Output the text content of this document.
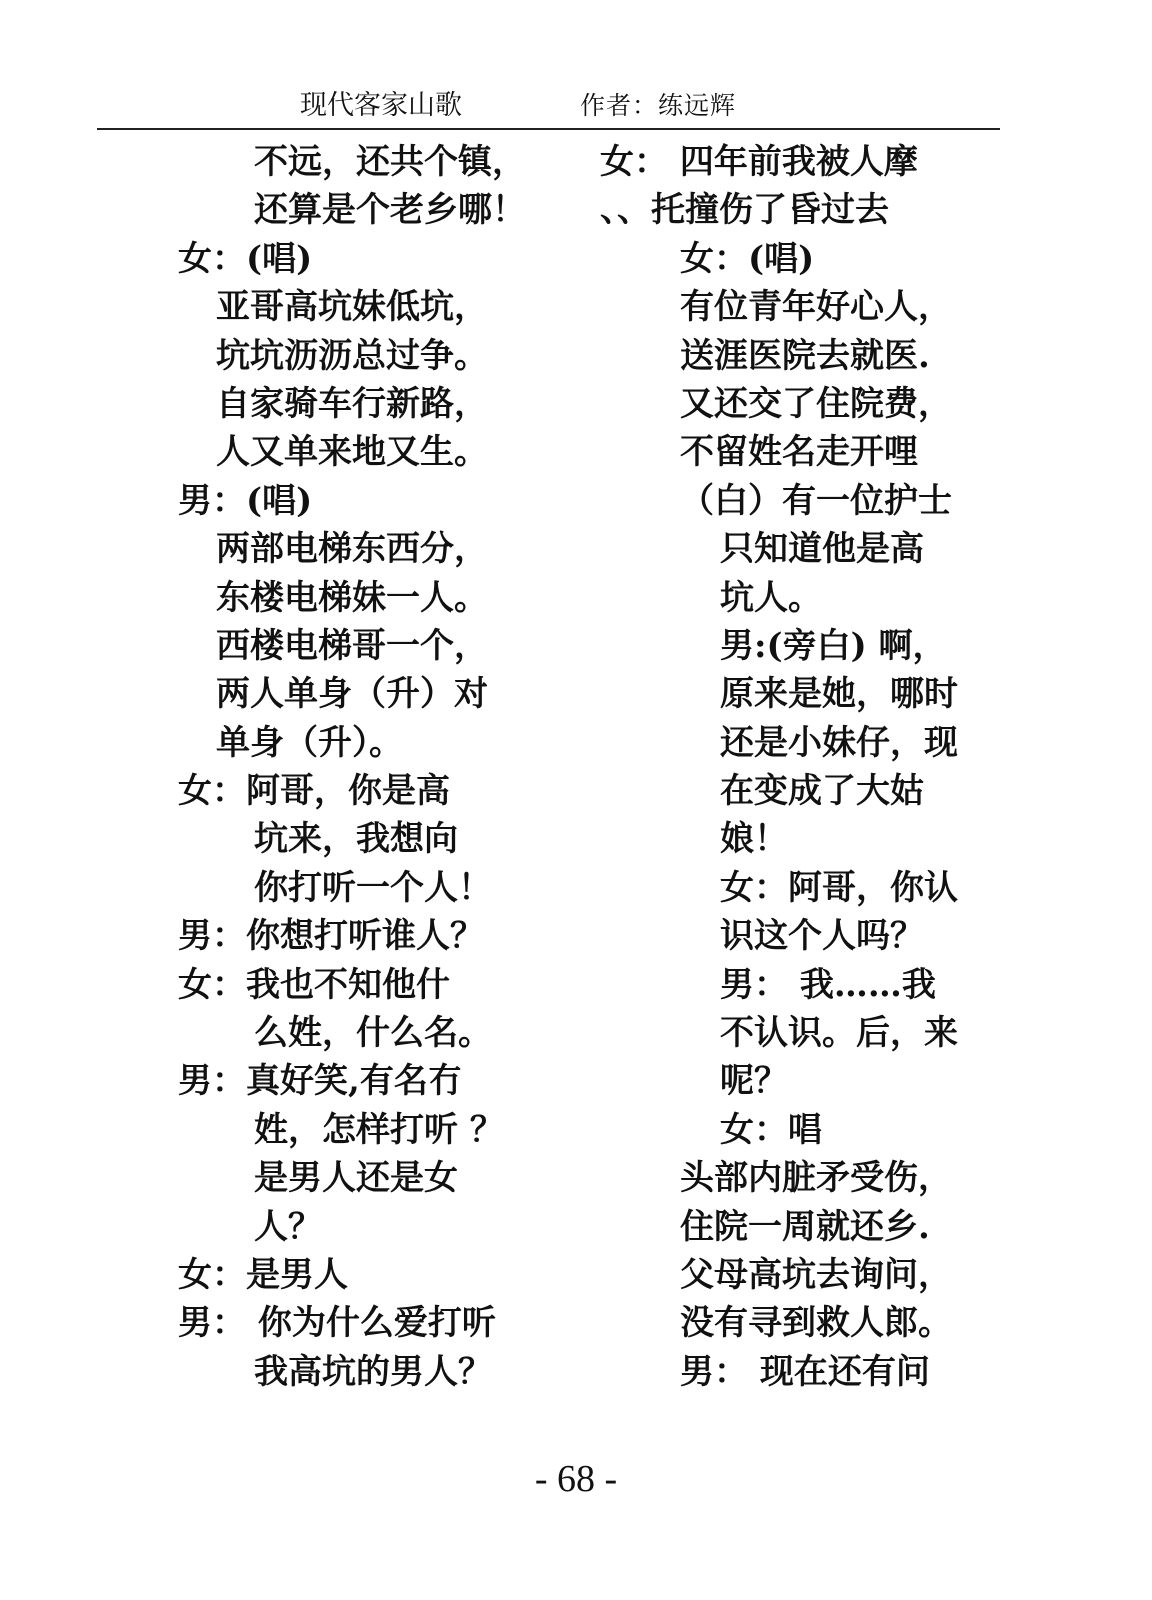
现代客家山歌	作者：练远辉
不远，还共个镇，
还算是个老乡哪！
女：(唱)
亚哥高坑妹低坑，
坑坑沥沥总过争。
自家骑车行新路，
人又单来地又生。
男：(唱)
两部电梯东西分，
东楼电梯妹一人。
西楼电梯哥一个，
两人单身（升）对
单身（升）。
女：阿哥，你是高
坑来，我想向
你打听一个人！
男：你想打听谁人？
女：我也不知他什
么姓，什么名。
男：真好笑,有名冇
姓，怎样打听 ？
是男人还是女
人？
女：是男人
男： 你为什么爱打听
我高坑的男人？
女： 四年前我被人摩
、、托撞伤了昏过去
女：(唱)
有位青年好心人，
送涯医院去就医.
又还交了住院费，
不留姓名走开哩
（白）有一位护士
只知道他是高
坑人。
男:(旁白) 啊，
原来是她，哪时
还是小妹仔，现
在变成了大姑
娘！
女：阿哥，你认
识这个人吗？
男： 我……我
不认识。后，来
呢？
女：唱
头部内脏矛受伤，
住院一周就还乡.
父母高坑去询问，
没有寻到救人郎。
男： 现在还有问
- 68 -
